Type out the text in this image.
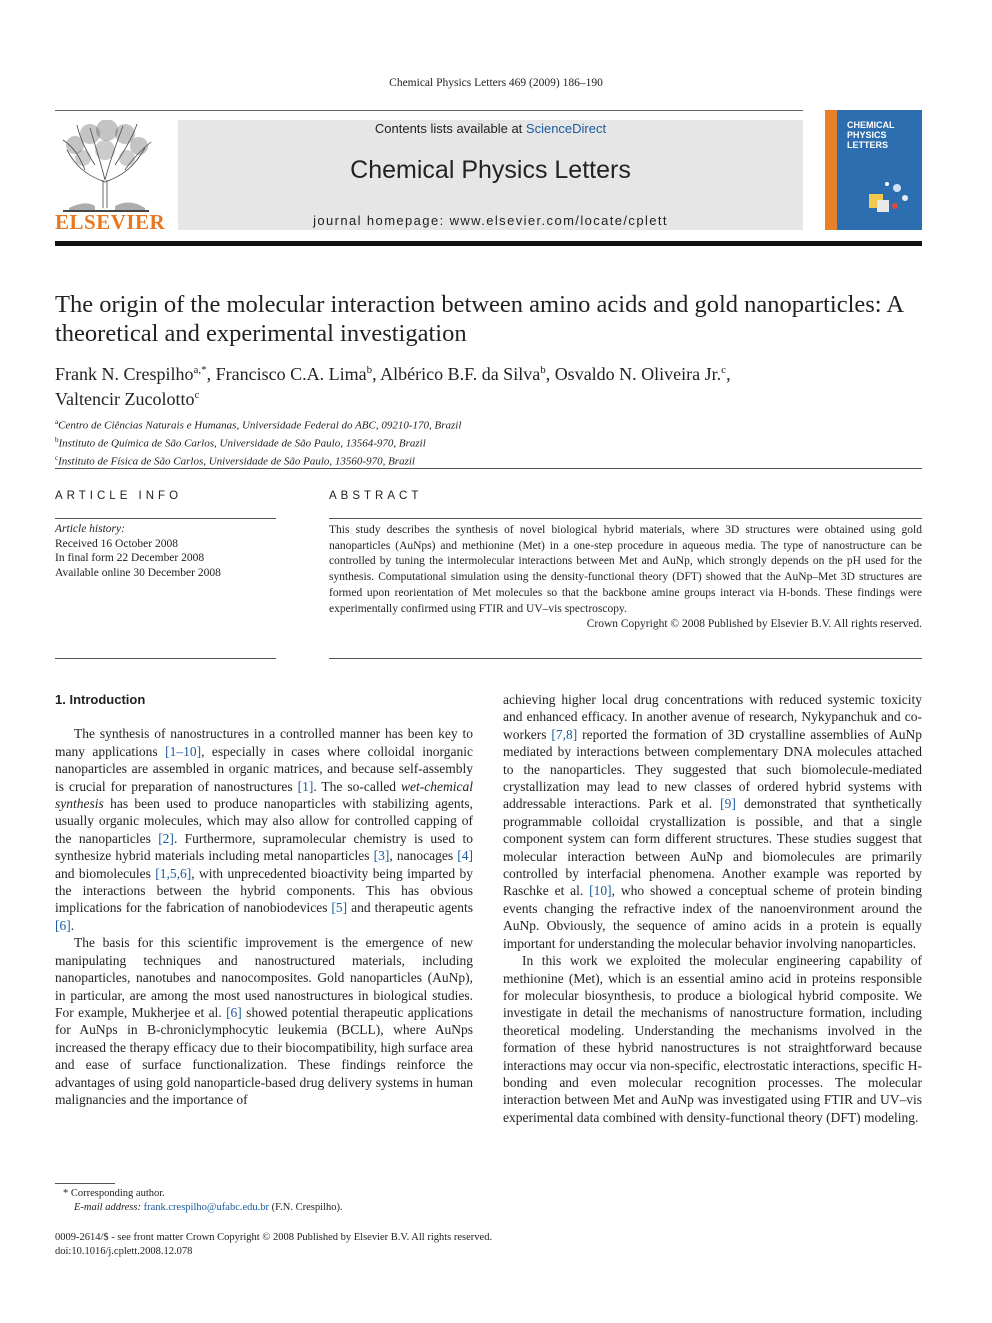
Chemical Physics Letters 469 (2009) 186–190
ELSEVIER
Contents lists available at ScienceDirect
Chemical Physics Letters
journal homepage: www.elsevier.com/locate/cplett
CHEMICAL
PHYSICS
LETTERS
The origin of the molecular interaction between amino acids and gold nanoparticles: A theoretical and experimental investigation
Frank N. Crespilho$^{a,*}$, Francisco C.A. Lima$^b$, Albérico B.F. da Silva$^b$, Osvaldo N. Oliveira Jr.$^c$,
Valtencir Zucolotto$^c$
$^a$Centro de Ciências Naturais e Humanas, Universidade Federal do ABC, 09210-170, Brazil
$^b$Instituto de Química de São Carlos, Universidade de São Paulo, 13564-970, Brazil
$^c$Instituto de Física de São Carlos, Universidade de São Paulo, 13560-970, Brazil
ARTICLE INFO	ABSTRACT
Article history:
Received 16 October 2008
In final form 22 December 2008
Available online 30 December 2008
This study describes the synthesis of novel biological hybrid materials, where 3D structures were obtained using gold nanoparticles (AuNps) and methionine (Met) in a one-step procedure in aqueous media. The type of nanostructure can be controlled by tuning the intermolecular interactions between Met and AuNp, which strongly depends on the pH used for the synthesis. Computational simulation using the density-functional theory (DFT) showed that the AuNp–Met 3D structures are formed upon reorientation of Met molecules so that the backbone amine groups interact via H-bonds. These findings were experimentally confirmed using FTIR and UV–vis spectroscopy.
Crown Copyright © 2008 Published by Elsevier B.V. All rights reserved.
1. Introduction

The synthesis of nanostructures in a controlled manner has been key to many applications [1–10], especially in cases where colloidal inorganic nanoparticles are assembled in organic matrices, and because self-assembly is crucial for preparation of nanostructures [1]. The so-called wet-chemical synthesis has been used to produce nanoparticles with stabilizing agents, usually organic molecules, which may also allow for controlled capping of the nanoparticles [2]. Furthermore, supramolecular chemistry is used to synthesize hybrid materials including metal nanoparticles [3], nanocages [4] and biomolecules [1,5,6], with unprecedented bioactivity being imparted by the interactions between the hybrid components. This has obvious implications for the fabrication of nanobiodevices [5] and therapeutic agents [6].

The basis for this scientific improvement is the emergence of new manipulating techniques and nanostructured materials, including nanoparticles, nanotubes and nanocomposites. Gold nanoparticles (AuNp), in particular, are among the most used nanostructures in biological studies. For example, Mukherjee et al. [6] showed potential therapeutic applications for AuNps in B-chroniclymphocytic leukemia (BCLL), where AuNps increased the therapy efficacy due to their biocompatibility, high surface area and ease of surface functionalization. These findings reinforce the advantages of using gold nanoparticle-based drug delivery systems in human malignancies and the importance of

achieving higher local drug concentrations with reduced systemic toxicity and enhanced efficacy. In another avenue of research, Nykypanchuk and co-workers [7,8] reported the formation of 3D crystalline assemblies of AuNp mediated by interactions between complementary DNA molecules attached to the nanoparticles. They suggested that such biomolecule-mediated crystallization may lead to new classes of ordered hybrid systems with addressable interactions. Park et al. [9] demonstrated that synthetically programmable colloidal crystallization is possible, and that a single component system can form different structures. These studies suggest that molecular interaction between AuNp and biomolecules are primarily controlled by interfacial phenomena. Another example was reported by Raschke et al. [10], who showed a conceptual scheme of protein binding events changing the refractive index of the nanoenvironment around the AuNp. Obviously, the sequence of amino acids in a protein is equally important for understanding the molecular behavior involving nanoparticles.

In this work we exploited the molecular engineering capability of methionine (Met), which is an essential amino acid in proteins responsible for molecular biosynthesis, to produce a biological hybrid composite. We investigate in detail the mechanisms of nanostructure formation, including theoretical modeling. Understanding the mechanisms involved in the formation of these hybrid nanostructures is not straightforward because interactions may occur via non-specific, electrostatic interactions, specific H-bonding and even molecular recognition processes. The molecular interaction between Met and AuNp was investigated using FTIR and UV–vis experimental data combined with density-functional theory (DFT) modeling.

* Corresponding author.
E-mail address: frank.crespilho@ufabc.edu.br (F.N. Crespilho).
0009-2614/$ - see front matter Crown Copyright © 2008 Published by Elsevier B.V. All rights reserved.
doi:10.1016/j.cplett.2008.12.078
